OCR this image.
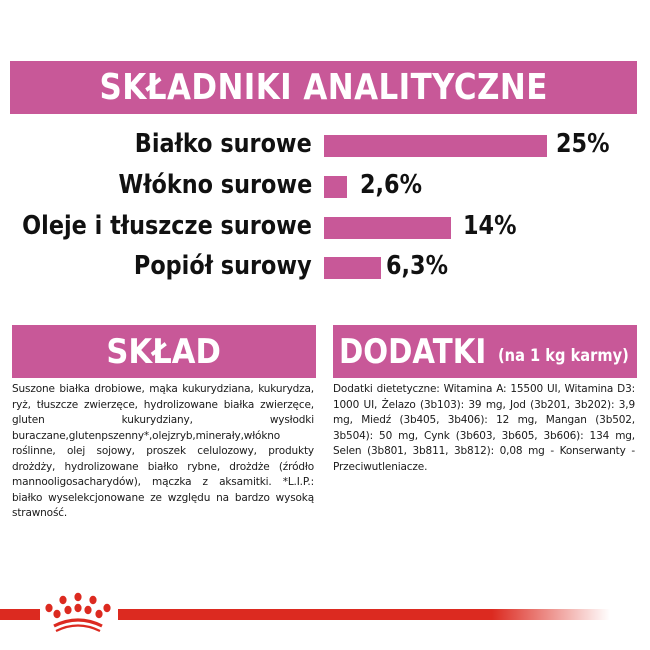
SKŁADNIKI ANALITYCZNE
Białko surowe	25%
Włókno surowe 2,6%
Oleje i tłuszcze surowe	14%
Popiół surowy	6,3%
SKŁAD	DODATKI (na 1 kg karmy)

Suszone białka drobiowe, mąka kukurydziana, kukurydza, ryż, tłuszcze zwierzęce, hydrolizowane białka zwierzęce, gluten kukurydziany, wysłodki buraczane,glutenpszenny*,olejzryb,minerały,włókno roślinne, olej sojowy, proszek celulozowy, produkty drożdży, hydrolizowane białko rybne, drożdże (źródło mannooligosacharydów), mączka z aksamitki. *L.I.P.: białko wyselekcjonowane ze względu na bardzo wysoką strawność.

Dodatki dietetyczne: Witamina A: 15500 UI, Witamina D3: 1000 UI, Żelazo (3b103): 39 mg, Jod (3b201, 3b202): 3,9 mg, Miedź (3b405, 3b406): 12 mg, Mangan (3b502, 3b504): 50 mg, Cynk (3b603, 3b605, 3b606): 134 mg, Selen (3b801, 3b811, 3b812): 0,08 mg - Konserwanty - Przeciwutleniacze.
